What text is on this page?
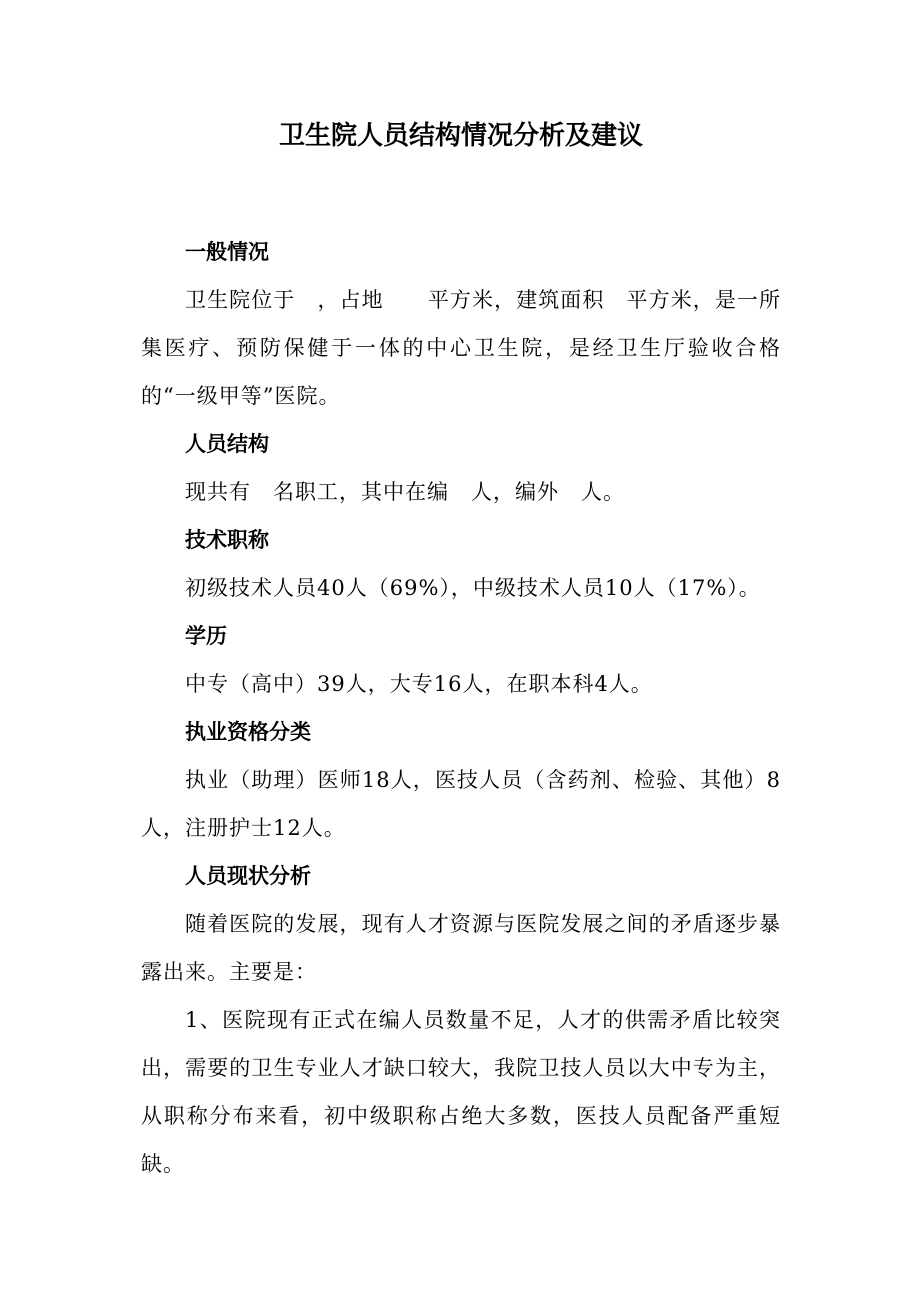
卫生院人员结构情况分析及建议
一般情况

卫生院位于　，占地　　平方米，建筑面积　平方米，是一所集医疗、预防保健于一体的中心卫生院，是经卫生厅验收合格的“一级甲等”医院。

人员结构

现共有　名职工，其中在编　人，编外　人。

技术职称

初级技术人员40人（69%），中级技术人员10人（17%）。

学历

中专（高中）39人，大专16人，在职本科4人。

执业资格分类

执业（助理）医师18人，医技人员（含药剂、检验、其他）8人，注册护士12人。

人员现状分析

随着医院的发展，现有人才资源与医院发展之间的矛盾逐步暴露出来。主要是：

1、医院现有正式在编人员数量不足，人才的供需矛盾比较突出，需要的卫生专业人才缺口较大，我院卫技人员以大中专为主，从职称分布来看，初中级职称占绝大多数，医技人员配备严重短缺。
